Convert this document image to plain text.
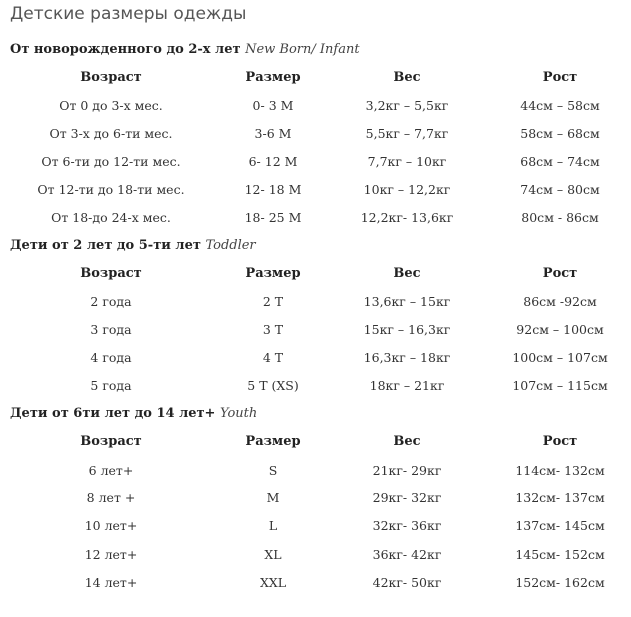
Детские размеры одежды
От новорожденного до 2-х лет New Born/ Infant
Возраст	Размер	Вес	Рост
От 0 до 3-х мес.	0- 3 M	3,2кг – 5,5кг	44см – 58см
От 3-х до 6-ти мес.	3-6 M	5,5кг – 7,7кг	58см – 68см
От 6-ти до 12-ти мес.	6- 12 M	7,7кг – 10кг	68см – 74см
От 12-ти до 18-ти мес.	12- 18 M	10кг – 12,2кг	74см – 80см
От 18-до 24-х мес.	18- 25 M	12,2кг- 13,6кг	80см - 86см
Дети от 2 лет до 5-ти лет Toddler
Возраст	Размер	Вес	Рост
2 года	2 T	13,6кг – 15кг	86см -92см
3 года	3 T	15кг – 16,3кг	92см – 100см
4 года	4 T	16,3кг – 18кг	100см – 107см
5 года	5 T (XS)	18кг – 21кг	107см – 115см
Дети от 6ти лет до 14 лет+ Youth
Возраст	Размер	Вес	Рост
6 лет+	S	21кг- 29кг	114см- 132см
8 лет +	M	29кг- 32кг	132см- 137см
10 лет+	L	32кг- 36кг	137см- 145см
12 лет+	XL	36кг- 42кг	145см- 152см
14 лет+	XXL	42кг- 50кг	152см- 162см
